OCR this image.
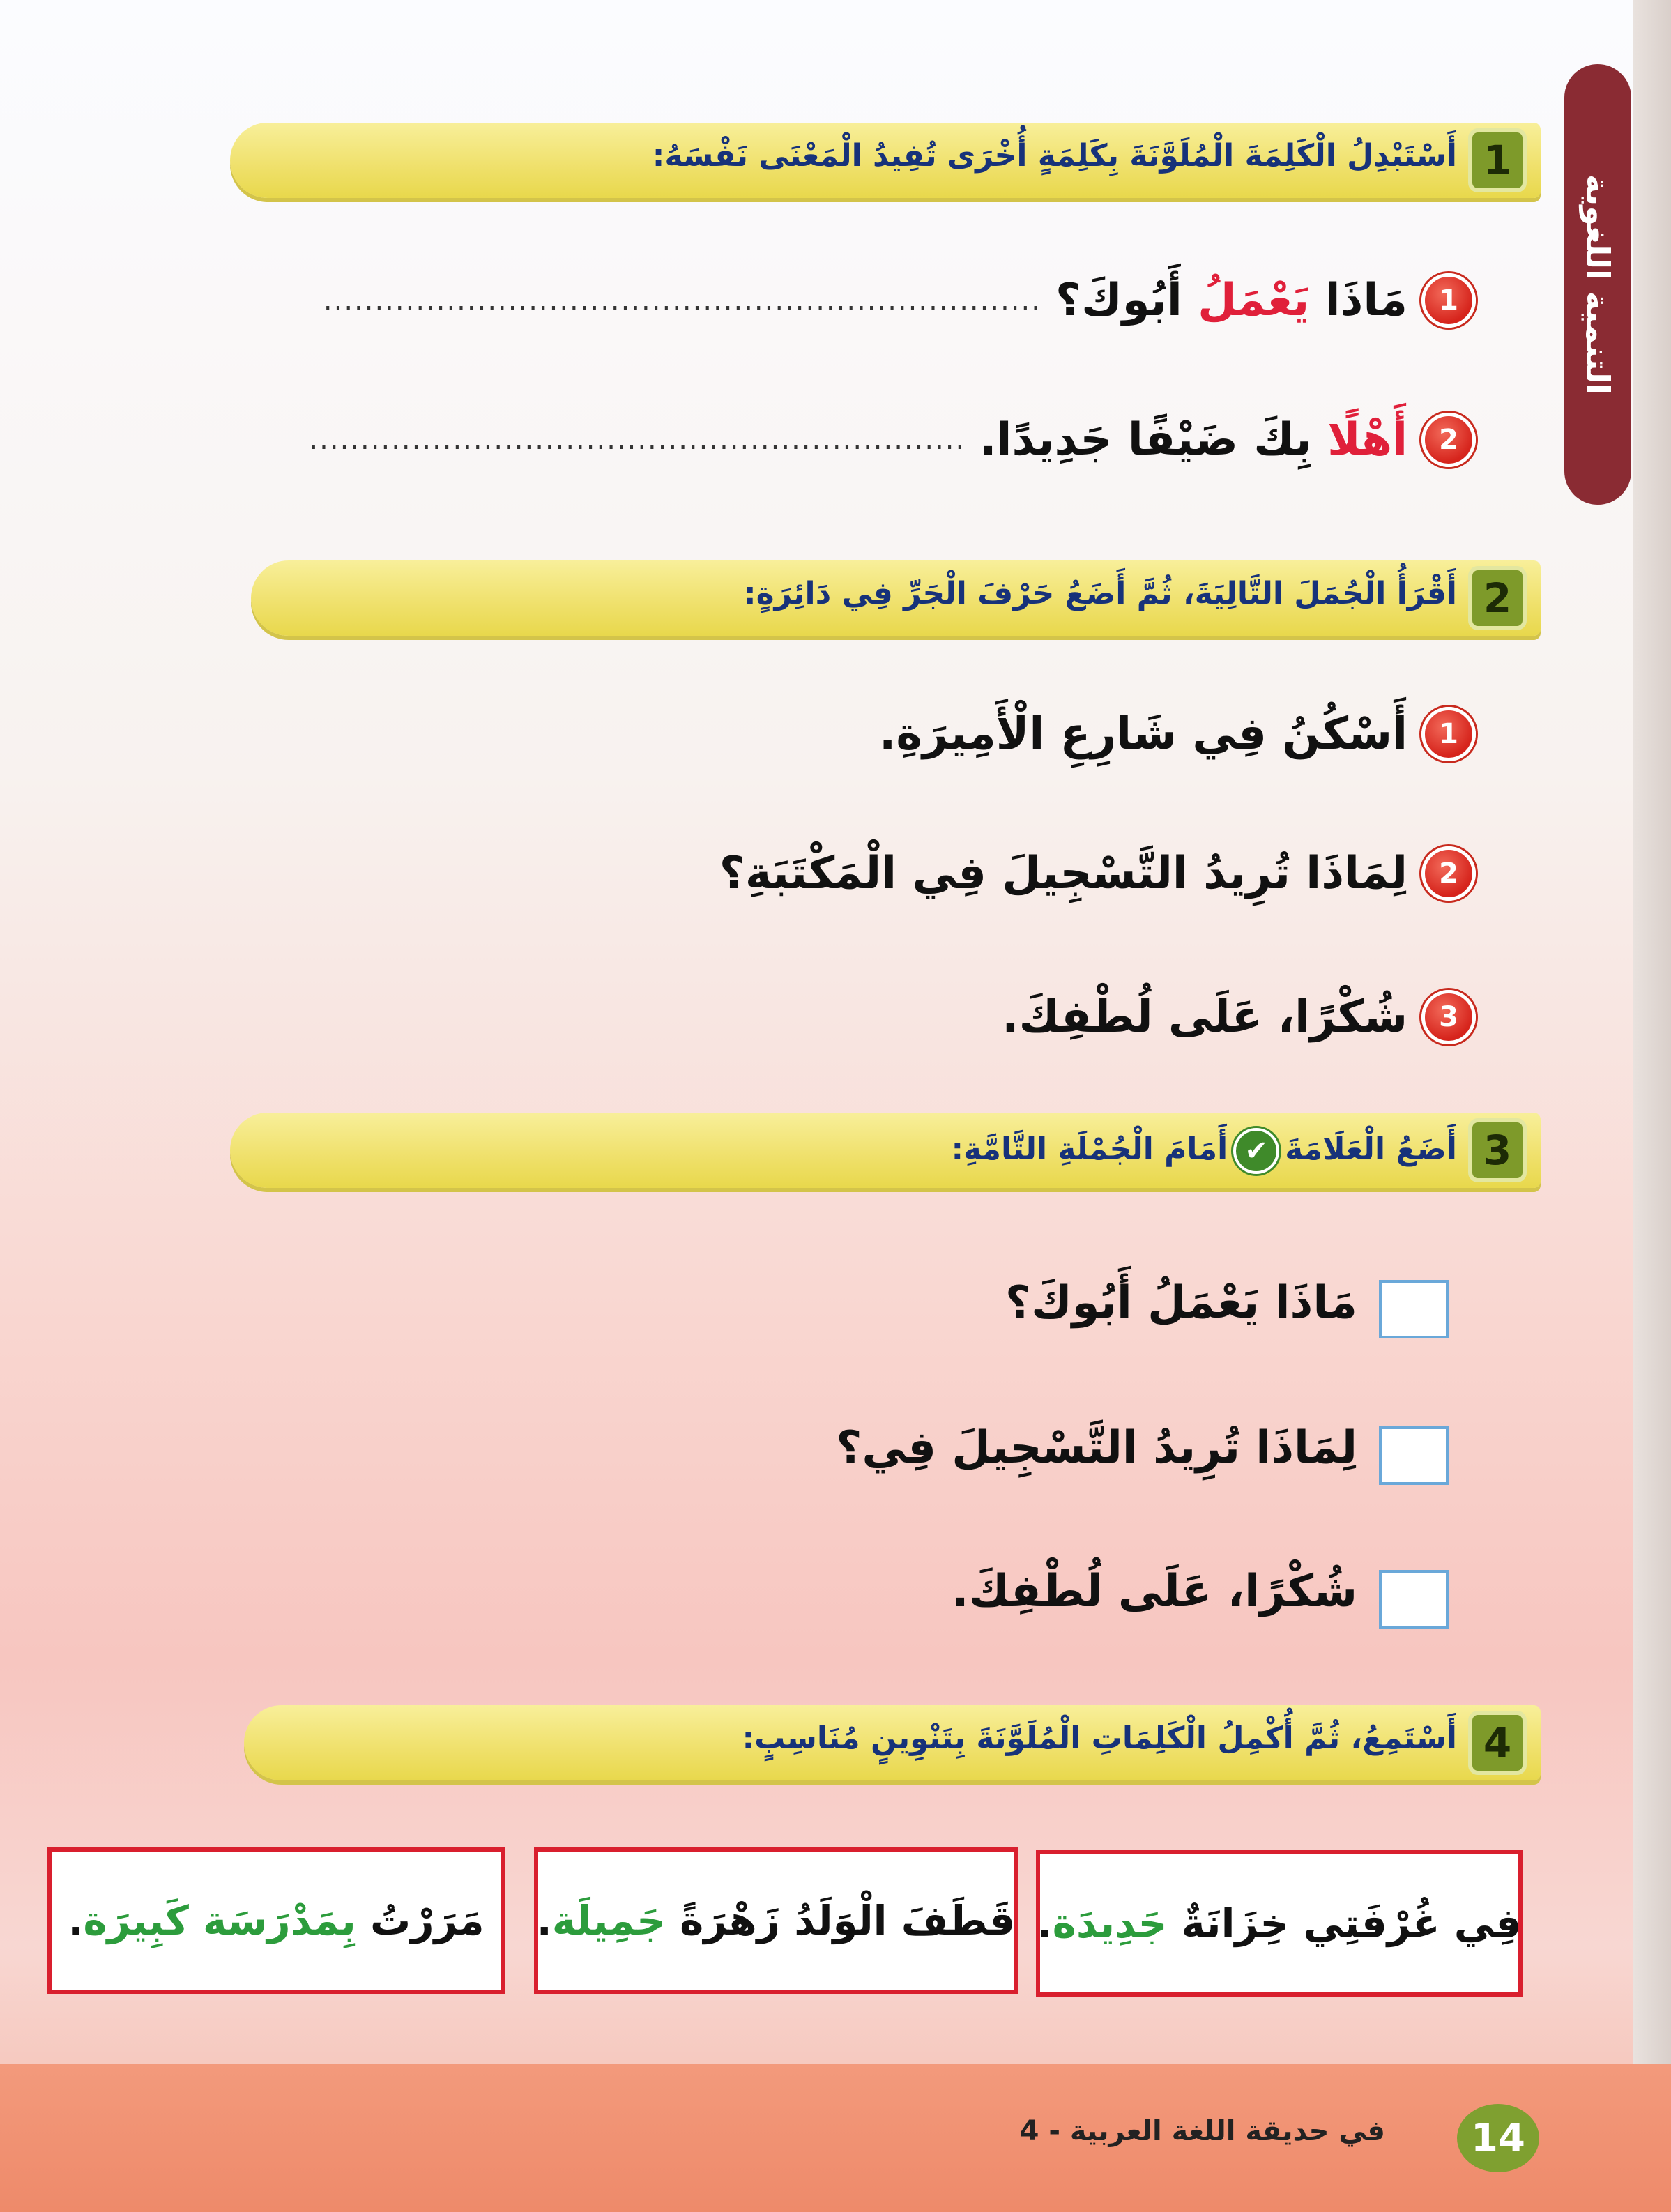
التنمية اللغوية
1
أَسْتَبْدِلُ الْكَلِمَةَ الْمُلَوَّنَةَ بِكَلِمَةٍ أُخْرَى تُفِيدُ الْمَعْنَى نَفْسَهُ:
1
مَاذَا يَعْمَلُ أَبُوكَ؟
......................................................................
2
أَهْلًا بِكَ ضَيْفًا جَدِيدًا.
................................................................
2
أَقْرَأُ الْجُمَلَ التَّالِيَةَ، ثُمَّ أَضَعُ حَرْفَ الْجَرِّ فِي دَائِرَةٍ:
1
أَسْكُنُ فِي شَارِعِ الْأَمِيرَةِ.
2
لِمَاذَا تُرِيدُ التَّسْجِيلَ فِي الْمَكْتَبَةِ؟
3
شُكْرًا، عَلَى لُطْفِكَ.
3
أَضَعُ الْعَلَامَةَ✔أَمَامَ الْجُمْلَةِ التَّامَّةِ:
مَاذَا يَعْمَلُ أَبُوكَ؟
لِمَاذَا تُرِيدُ التَّسْجِيلَ فِي؟
شُكْرًا، عَلَى لُطْفِكَ.
4
أَسْتَمِعُ، ثُمَّ أُكْمِلُ الْكَلِمَاتِ الْمُلَوَّنَةَ بِتَنْوِينٍ مُنَاسِبٍ:
فِي غُرْفَتِي خِزَانَةٌ جَدِيدَة.
قَطَفَ الْوَلَدُ زَهْرَةً جَمِيلَة.
مَرَرْتُ بِمَدْرَسَة كَبِيرَة.
14
في حديقة اللغة العربية - 4
